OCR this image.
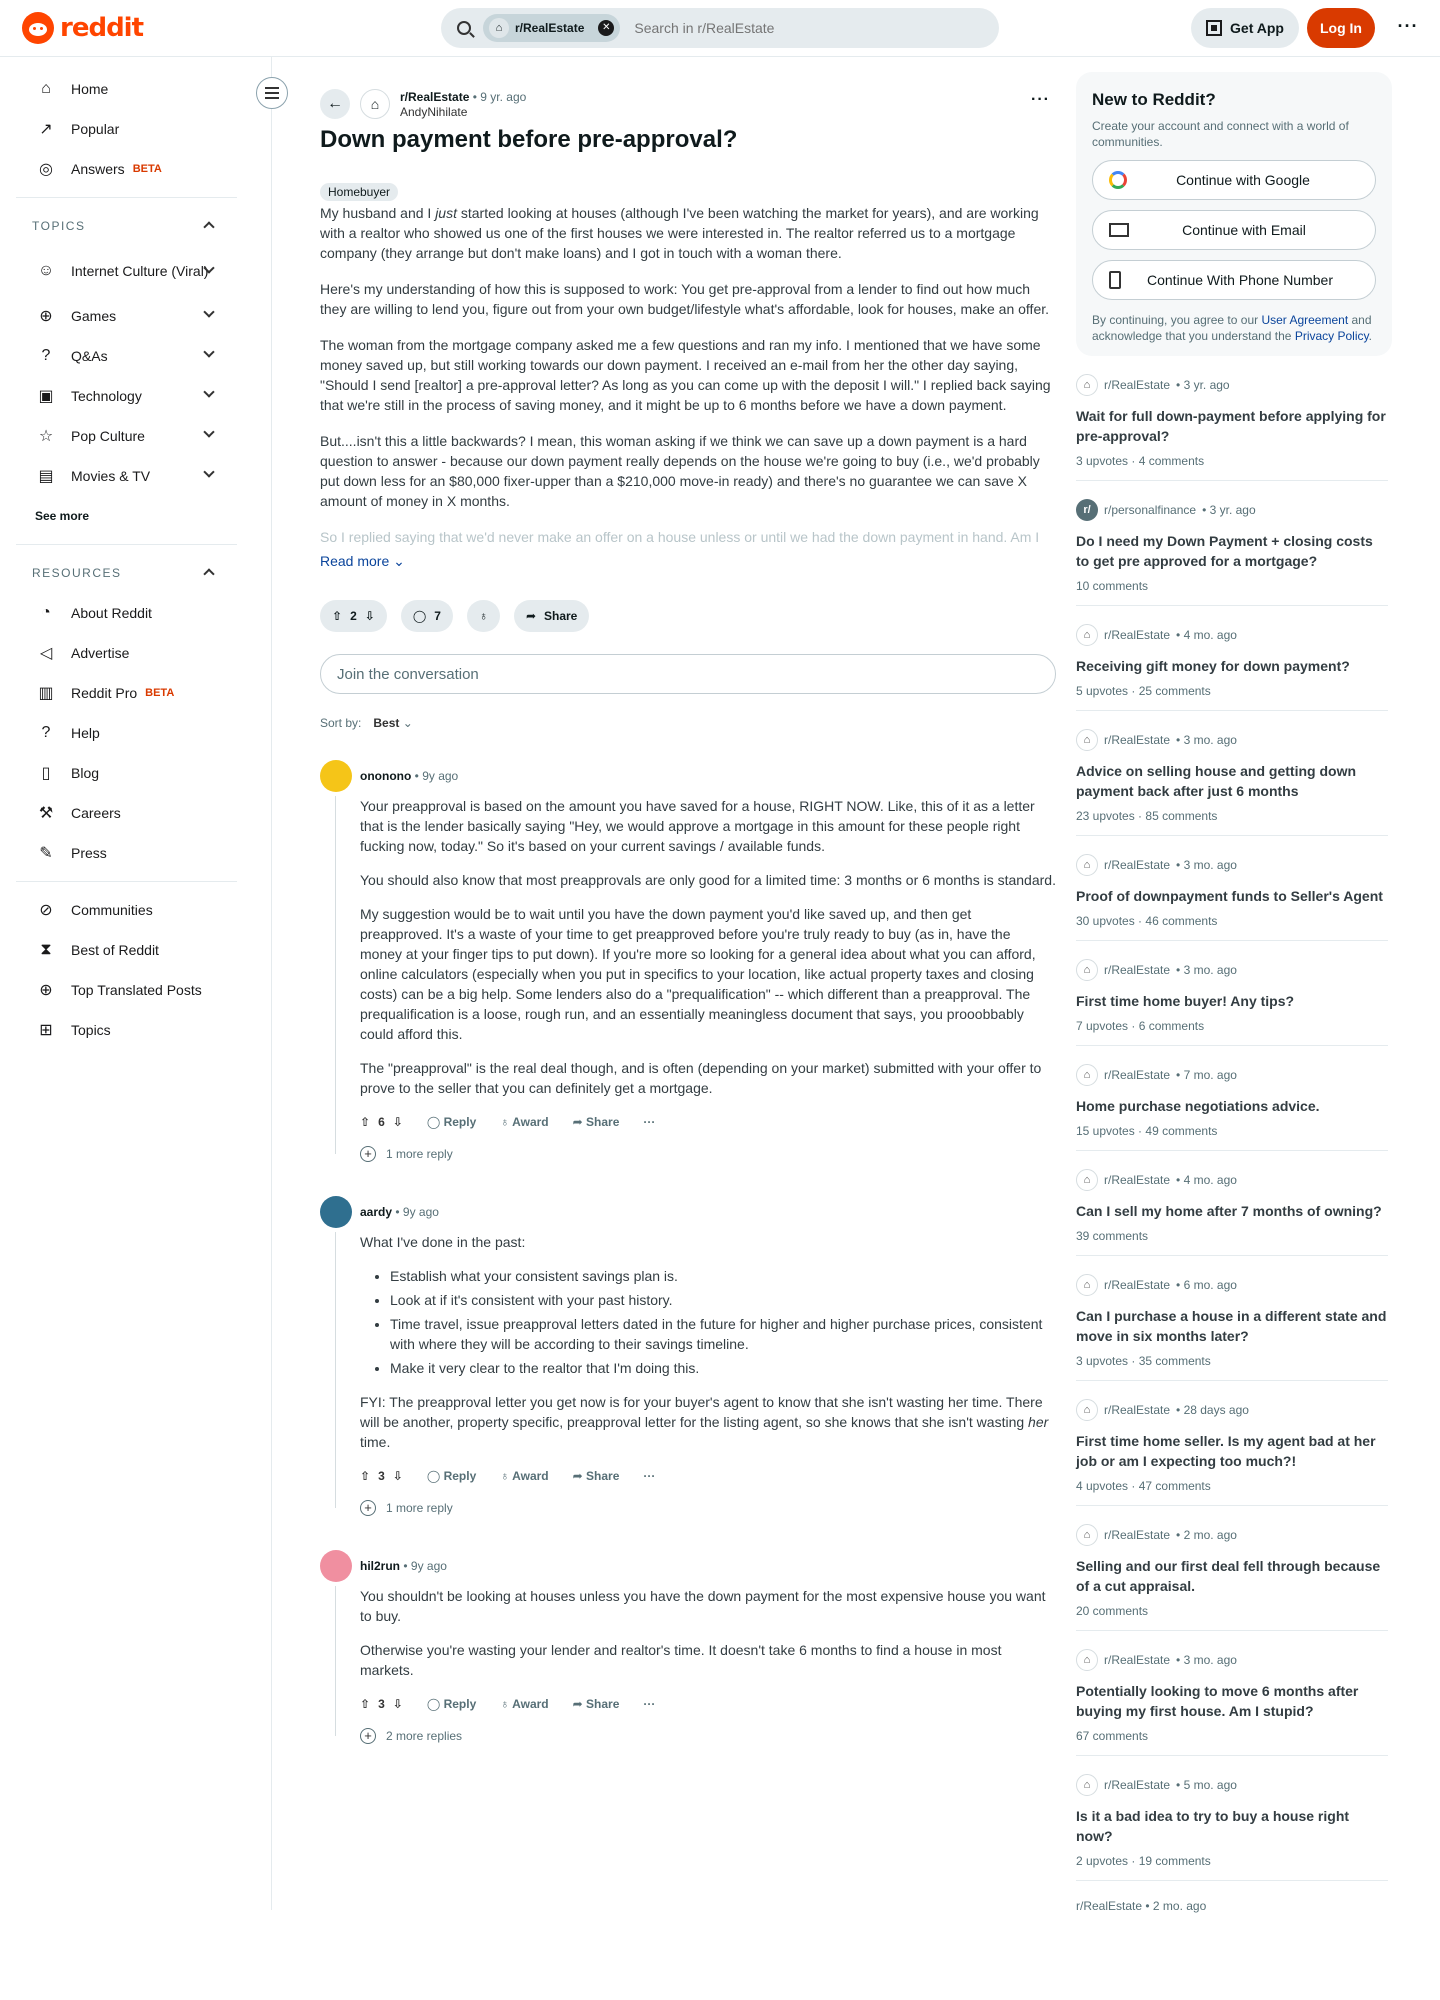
reddit	⌂	r/RealEstate	✕
Search in r/RealEstate	Get App	Log In	···
⌂	Home
↗	Popular
◎ Answers BETA
TOPICS
☺ Internet Culture (Viral)
⊕	Games
?	Q&As
▣ Technology
☆ Pop Culture
▤ Movies & TV
See more
RESOURCES
◔	About Reddit
◁	Advertise
▥ Reddit Pro BETA
?	Help
▯	Blog
⚒ Careers
✎	Press
⊘	Communities
⧗	Best of Reddit
⊕	Top Translated Posts
⊞	Topics
←	⌂	r/RealEstate • 9 yr. ago
AndyNihilate
···
Down payment before pre-approval?
Homebuyer

My husband and I just started looking at houses (although I've been watching the market for years), and are working with a realtor who showed us one of the first houses we were interested in. The realtor referred us to a mortgage company (they arrange but don't make loans) and I got in touch with a woman there.

Here's my understanding of how this is supposed to work: You get pre-approval from a lender to find out how much they are willing to lend you, figure out from your own budget/lifestyle what's affordable, look for houses, make an offer.

The woman from the mortgage company asked me a few questions and ran my info. I mentioned that we have some money saved up, but still working towards our down payment. I received an e-mail from her the other day saying, "Should I send [realtor] a pre-approval letter? As long as you can come up with the deposit I will." I replied back saying that we're still in the process of saving money, and it might be up to 6 months before we have a down payment.

But....isn't this a little backwards? I mean, this woman asking if we think we can save up a down payment is a hard question to answer - because our down payment really depends on the house we're going to buy (i.e., we'd probably put down less for an $80,000 fixer-upper than a $210,000 move-in ready) and there's no guarantee we can save X amount of money in X months.

So I replied saying that we'd never make an offer on a house unless or until we had the down payment in hand. Am I

Read more ⌄
⇧ 2 ⇩	◯ 7	♁	➦ Share
Join the conversation
Sort by: Best ⌄
ononono • 9y ago

Your preapproval is based on the amount you have saved for a house, RIGHT NOW. Like, this of it as a letter that is the lender basically saying "Hey, we would approve a mortgage in this amount for these people right fucking now, today." So it's based on your current savings / available funds.

You should also know that most preapprovals are only good for a limited time: 3 months or 6 months is standard.

My suggestion would be to wait until you have the down payment you'd like saved up, and then get preapproved. It's a waste of your time to get preapproved before you're truly ready to buy (as in, have the money at your finger tips to put down). If you're more so looking for a general idea about what you can afford, online calculators (especially when you put in specifics to your location, like actual property taxes and closing costs) can be a big help. Some lenders also do a "prequalification" -- which different than a preapproval. The prequalification is a loose, rough run, and an essentially meaningless document that says, you prooobbably could afford this.

The "preapproval" is the real deal though, and is often (depending on your market) submitted with your offer to prove to the seller that you can definitely get a mortgage.

⇧ 6 ⇩ ◯ Reply ♁ Award ➦ Share ···
+	1 more reply
aardy • 9y ago

What I've done in the past:

• Establish what your consistent savings plan is.
• Look at if it's consistent with your past history.
• Time travel, issue preapproval letters dated in the future for higher and higher purchase prices, consistent with where they will be according to their savings timeline.
• Make it very clear to the realtor that I'm doing this.

FYI: The preapproval letter you get now is for your buyer's agent to know that she isn't wasting her time. There will be another, property specific, preapproval letter for the listing agent, so she knows that she isn't wasting her time.

⇧ 3 ⇩ ◯ Reply ♁ Award ➦ Share ···
+	1 more reply
hil2run • 9y ago

You shouldn't be looking at houses unless you have the down payment for the most expensive house you want to buy.

Otherwise you're wasting your lender and realtor's time. It doesn't take 6 months to find a house in most markets.

⇧ 3 ⇩ ◯ Reply ♁ Award ➦ Share ···
+	2 more replies
New to Reddit?
Create your account and connect with a world of communities.
Continue with Google
Continue with Email
Continue With Phone Number
By continuing, you agree to our User Agreement and acknowledge that you understand the Privacy Policy.
⌂	r/RealEstate • 3 yr. ago
Wait for full down-payment before applying for pre-approval?
3 upvotes · 4 comments
r/	r/personalfinance • 3 yr. ago
Do I need my Down Payment + closing costs to get pre approved for a mortgage?
10 comments
⌂	r/RealEstate • 4 mo. ago
Receiving gift money for down payment?
5 upvotes · 25 comments
⌂	r/RealEstate • 3 mo. ago
Advice on selling house and getting down payment back after just 6 months
23 upvotes · 85 comments
⌂	r/RealEstate • 3 mo. ago
Proof of downpayment funds to Seller's Agent
30 upvotes · 46 comments
⌂	r/RealEstate • 3 mo. ago
First time home buyer! Any tips?
7 upvotes · 6 comments
⌂	r/RealEstate • 7 mo. ago
Home purchase negotiations advice.
15 upvotes · 49 comments
⌂	r/RealEstate • 4 mo. ago
Can I sell my home after 7 months of owning?
39 comments
⌂	r/RealEstate • 6 mo. ago
Can I purchase a house in a different state and move in six months later?
3 upvotes · 35 comments
⌂	r/RealEstate • 28 days ago
First time home seller. Is my agent bad at her job or am I expecting too much?!
4 upvotes · 47 comments
⌂	r/RealEstate • 2 mo. ago
Selling and our first deal fell through because of a cut appraisal.
20 comments
⌂	r/RealEstate • 3 mo. ago
Potentially looking to move 6 months after buying my first house. Am I stupid?
67 comments
⌂	r/RealEstate • 5 mo. ago
Is it a bad idea to try to buy a house right now?
2 upvotes · 19 comments
r/RealEstate • 2 mo. ago
